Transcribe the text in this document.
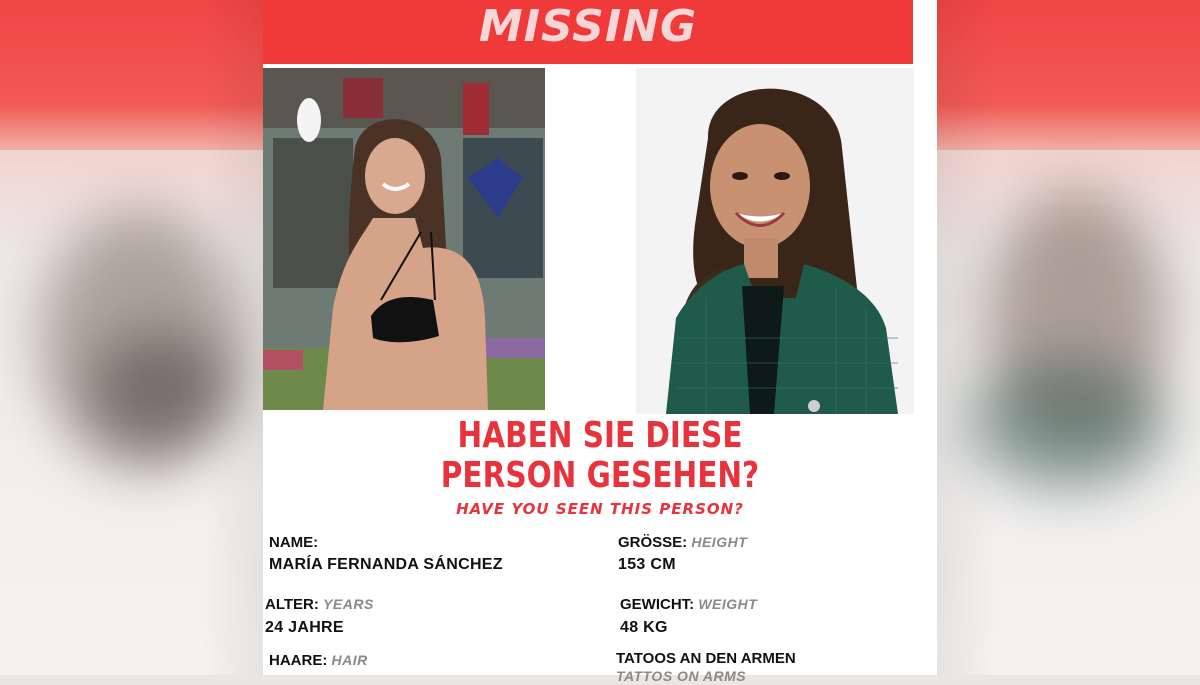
MISSING
HABEN SIE DIESE
PERSON GESEHEN?
HAVE YOU SEEN THIS PERSON?
NAME:
MARÍA FERNANDA SÁNCHEZ
GRÖSSE: HEIGHT
153 CM
ALTER: YEARS
24 JAHRE
GEWICHT: WEIGHT
48 KG
HAARE: HAIR	TATOOS AN DEN ARMEN
TATTOS ON ARMS
